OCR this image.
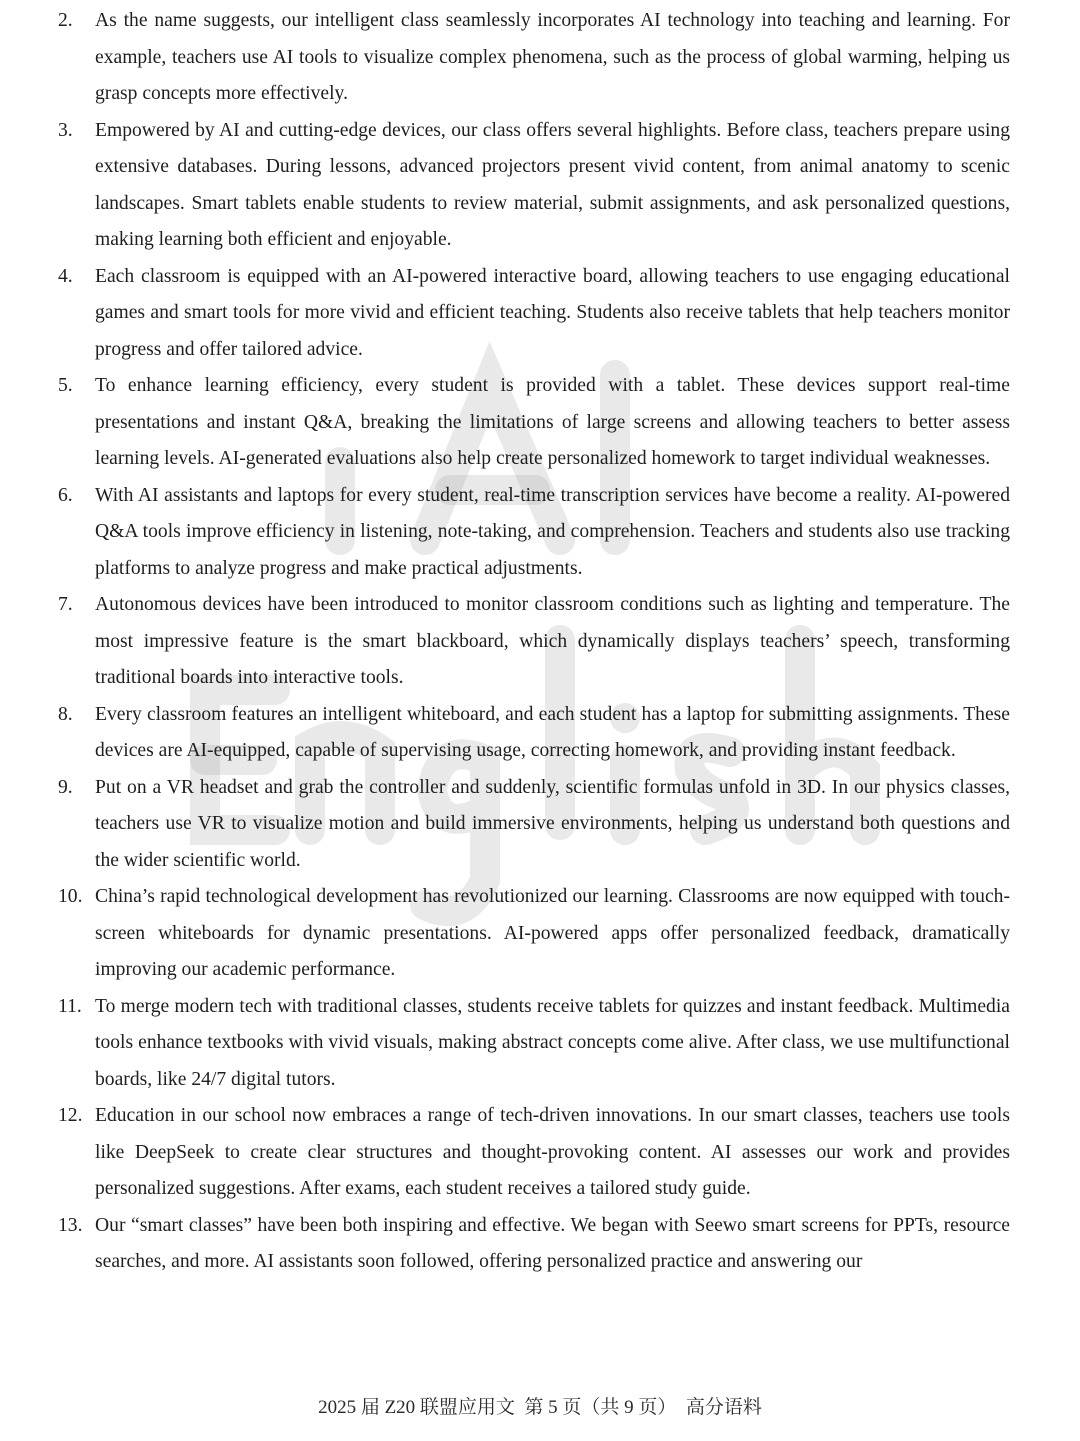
2. As the name suggests, our intelligent class seamlessly incorporates AI technology into teaching and learning. For example, teachers use AI tools to visualize complex phenomena, such as the process of global warming, helping us grasp concepts more effectively.
3. Empowered by AI and cutting-edge devices, our class offers several highlights. Before class, teachers prepare using extensive databases. During lessons, advanced projectors present vivid content, from animal anatomy to scenic landscapes. Smart tablets enable students to review material, submit assignments, and ask personalized questions, making learning both efficient and enjoyable.
4. Each classroom is equipped with an AI-powered interactive board, allowing teachers to use engaging educational games and smart tools for more vivid and efficient teaching. Students also receive tablets that help teachers monitor progress and offer tailored advice.
5. To enhance learning efficiency, every student is provided with a tablet. These devices support real-time presentations and instant Q&A, breaking the limitations of large screens and allowing teachers to better assess learning levels. AI-generated evaluations also help create personalized homework to target individual weaknesses.
6. With AI assistants and laptops for every student, real-time transcription services have become a reality. AI-powered Q&A tools improve efficiency in listening, note-taking, and comprehension. Teachers and students also use tracking platforms to analyze progress and make practical adjustments.
7. Autonomous devices have been introduced to monitor classroom conditions such as lighting and temperature. The most impressive feature is the smart blackboard, which dynamically displays teachers’ speech, transforming traditional boards into interactive tools.
8. Every classroom features an intelligent whiteboard, and each student has a laptop for submitting assignments. These devices are AI-equipped, capable of supervising usage, correcting homework, and providing instant feedback.
9. Put on a VR headset and grab the controller and suddenly, scientific formulas unfold in 3D. In our physics classes, teachers use VR to visualize motion and build immersive environments, helping us understand both questions and the wider scientific world.
10. China’s rapid technological development has revolutionized our learning. Classrooms are now equipped with touch-screen whiteboards for dynamic presentations. AI-powered apps offer personalized feedback, dramatically improving our academic performance.
11. To merge modern tech with traditional classes, students receive tablets for quizzes and instant feedback. Multimedia tools enhance textbooks with vivid visuals, making abstract concepts come alive. After class, we use multifunctional boards, like 24/7 digital tutors.
12. Education in our school now embraces a range of tech-driven innovations. In our smart classes, teachers use tools like DeepSeek to create clear structures and thought-provoking content. AI assesses our work and provides personalized suggestions. After exams, each student receives a tailored study guide.
13. Our “smart classes” have been both inspiring and effective. We began with Seewo smart screens for PPTs, resource searches, and more. AI assistants soon followed, offering personalized practice and answering our
2025 届 Z20 联盟应用文  第 5 页（共 9 页）  高分语料
